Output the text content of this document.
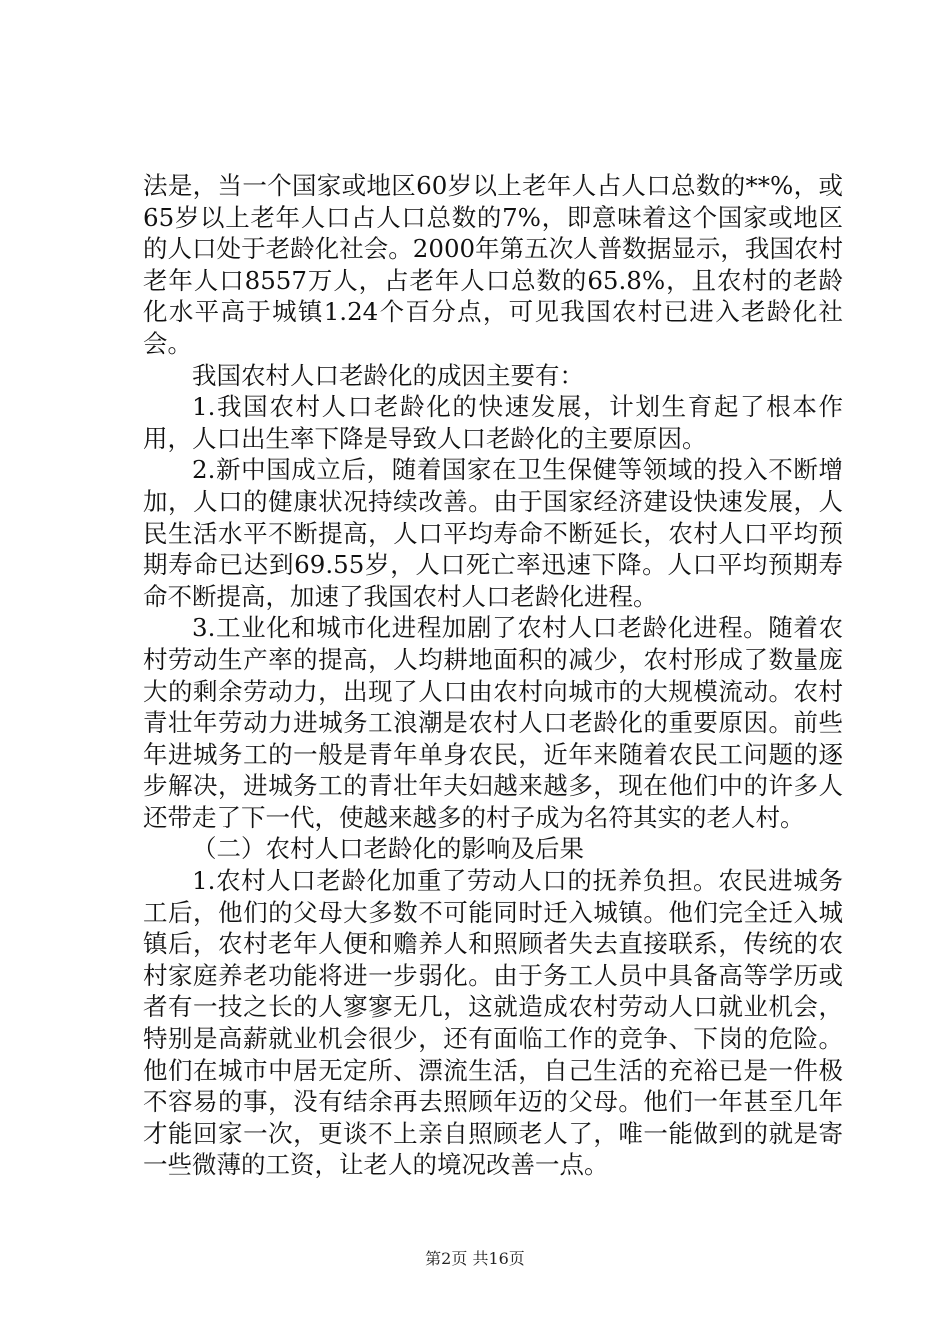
法是，当一个国家或地区60岁以上老年人占人口总数的**%，或65岁以上老年人口占人口总数的7%，即意味着这个国家或地区的人口处于老龄化社会。2000年第五次人普数据显示，我国农村老年人口8557万人，占老年人口总数的65.8%，且农村的老龄化水平高于城镇1.24个百分点，可见我国农村已进入老龄化社会。

我国农村人口老龄化的成因主要有：

1.我国农村人口老龄化的快速发展，计划生育起了根本作用，人口出生率下降是导致人口老龄化的主要原因。

2.新中国成立后，随着国家在卫生保健等领域的投入不断增加，人口的健康状况持续改善。由于国家经济建设快速发展，人民生活水平不断提高，人口平均寿命不断延长，农村人口平均预期寿命已达到69.55岁，人口死亡率迅速下降。人口平均预期寿命不断提高，加速了我国农村人口老龄化进程。

3.工业化和城市化进程加剧了农村人口老龄化进程。随着农村劳动生产率的提高，人均耕地面积的减少，农村形成了数量庞大的剩余劳动力，出现了人口由农村向城市的大规模流动。农村青壮年劳动力进城务工浪潮是农村人口老龄化的重要原因。前些年进城务工的一般是青年单身农民，近年来随着农民工问题的逐步解决，进城务工的青壮年夫妇越来越多，现在他们中的许多人还带走了下一代，使越来越多的村子成为名符其实的老人村。

（二）农村人口老龄化的影响及后果

1.农村人口老龄化加重了劳动人口的抚养负担。农民进城务工后，他们的父母大多数不可能同时迁入城镇。他们完全迁入城镇后，农村老年人便和赡养人和照顾者失去直接联系，传统的农村家庭养老功能将进一步弱化。由于务工人员中具备高等学历或者有一技之长的人寥寥无几，这就造成农村劳动人口就业机会，特别是高薪就业机会很少，还有面临工作的竞争、下岗的危险。他们在城市中居无定所、漂流生活，自己生活的充裕已是一件极不容易的事，没有结余再去照顾年迈的父母。他们一年甚至几年才能回家一次，更谈不上亲自照顾老人了，唯一能做到的就是寄一些微薄的工资，让老人的境况改善一点。

第2页 共16页
